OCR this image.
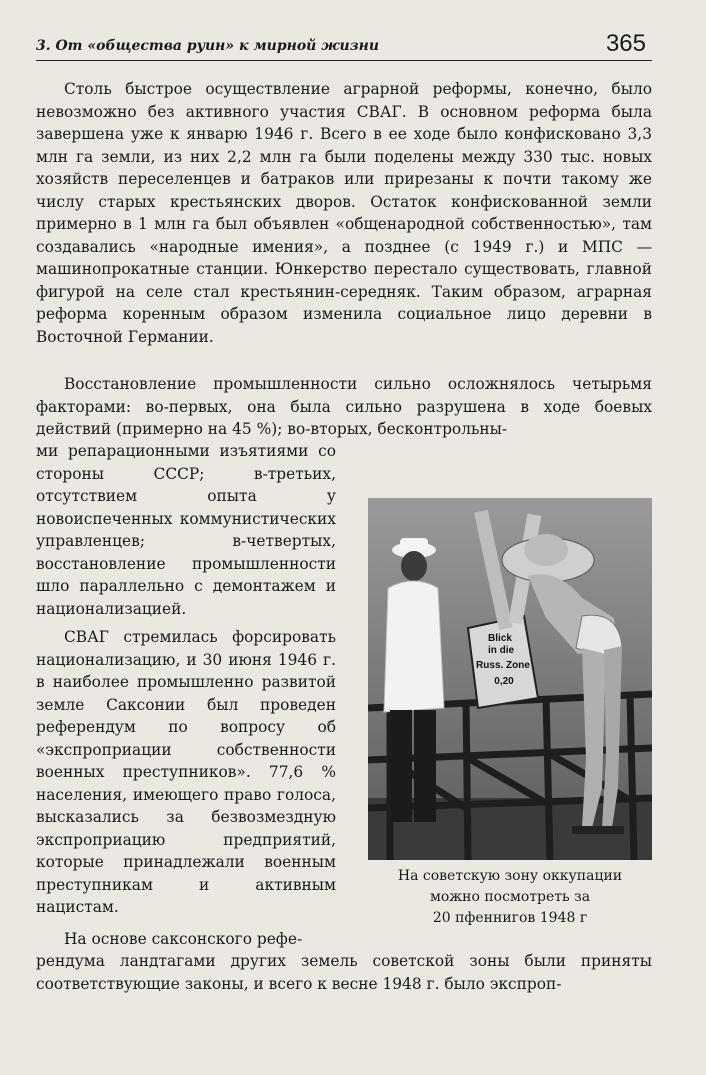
3. От «общества руин» к мирной жизни	365

Столь быстрое осуществление аграрной реформы, конечно, было невозможно без активного участия СВАГ. В основном реформа была завершена уже к январю 1946 г. Всего в ее ходе было конфисковано 3,3 млн га земли, из них 2,2 млн га были поделены между 330 тыс. новых хозяйств переселенцев и батраков или прирезаны к почти такому же числу старых крестьянских дворов. Остаток конфискованной земли примерно в 1 млн га был объявлен «общенародной собственностью», там создавались «народные имения», а позднее (с 1949 г.) и МПС — машинопрокатные станции. Юнкерство перестало существовать, главной фигурой на селе стал крестьянин-середняк. Таким образом, аграрная реформа коренным образом изменила социальное лицо деревни в Восточной Германии.

Восстановление промышленности сильно осложнялось четырьмя факторами: во-первых, она была сильно разрушена в ходе боевых действий (примерно на 45 %); во-вторых, бесконтрольны-

ми репарационными изъятиями со стороны СССР; в-третьих, отсутствием опыта у новоиспеченных коммунистических управленцев; в-четвертых, восстановление промышленности шло параллельно с демонтажем и национализацией.

СВАГ стремилась форсировать национализацию, и 30 июня 1946 г. в наиболее промышленно развитой земле Саксонии был проведен референдум по вопросу об «экспроприации собственности военных преступников». 77,6 % населения, имеющего право голоса, высказались за безвозмездную экспроприацию предприятий, которые принадлежали военным преступникам и активным нацистам.

На основе саксонского рефе-

рендума ландтагами других земель советской зоны были приняты соответствующие законы, и всего к весне 1948 г. было экспроп-

Blick
in die
Russ. Zone
0,20
На советскую зону оккупации
можно посмотреть за
20 пфеннигов 1948 г
